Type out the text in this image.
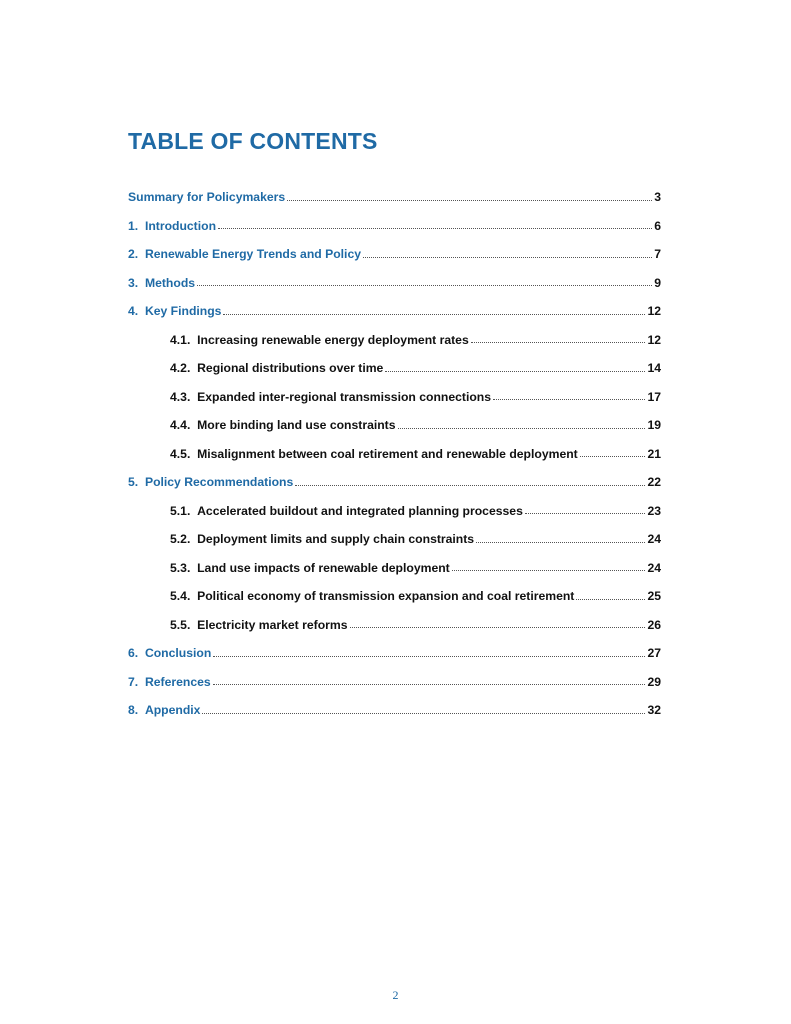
TABLE OF CONTENTS
Summary for Policymakers	3
1. Introduction	6
2. Renewable Energy Trends and Policy	7
3. Methods	9
4. Key Findings	12
4.1. Increasing renewable energy deployment rates	12
4.2. Regional distributions over time	14
4.3. Expanded inter-regional transmission connections	17
4.4. More binding land use constraints	19
4.5. Misalignment between coal retirement and renewable deployment	21
5. Policy Recommendations	22
5.1. Accelerated buildout and integrated planning processes	23
5.2. Deployment limits and supply chain constraints	24
5.3. Land use impacts of renewable deployment	24
5.4. Political economy of transmission expansion and coal retirement	25
5.5. Electricity market reforms	26
6. Conclusion	27
7. References	29
8. Appendix	32
2
